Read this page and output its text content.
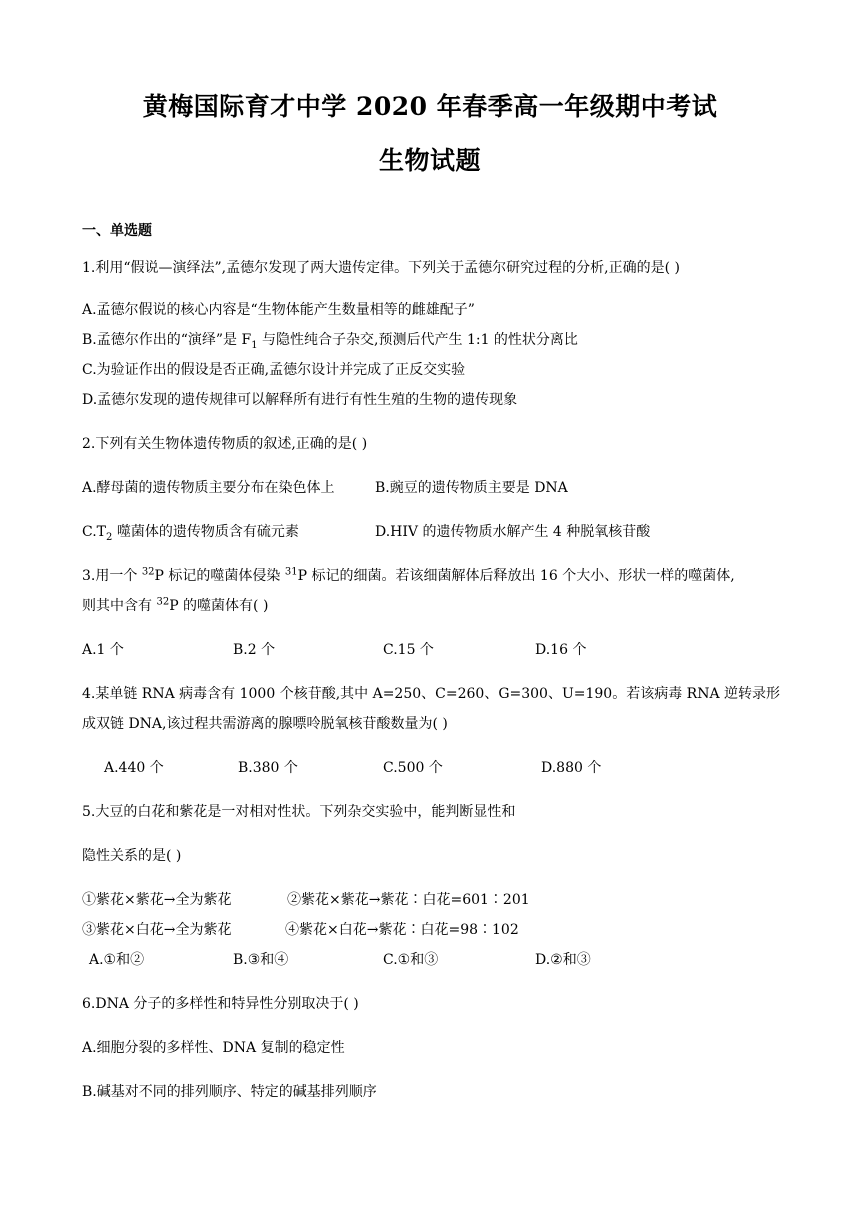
黄梅国际育才中学 2020 年春季高一年级期中考试
生物试题
一、单选题
1.利用“假说—演绎法”,孟德尔发现了两大遗传定律。下列关于孟德尔研究过程的分析,正确的是( )
A.孟德尔假说的核心内容是“生物体能产生数量相等的雌雄配子”
B.孟德尔作出的“演绎”是 $F_1$ 与隐性纯合子杂交,预测后代产生 1:1 的性状分离比
C.为验证作出的假设是否正确,孟德尔设计并完成了正反交实验
D.孟德尔发现的遗传规律可以解释所有进行有性生殖的生物的遗传现象
2.下列有关生物体遗传物质的叙述,正确的是( )
A.酵母菌的遗传物质主要分布在染色体上	B.豌豆的遗传物质主要是 DNA
$C.T_2$ 噬菌体的遗传物质含有硫元素	D.HIV 的遗传物质水解产生 4 种脱氧核苷酸
3.用一个 $^{32}$P 标记的噬菌体侵染 $^{31}$P 标记的细菌。若该细菌解体后释放出 16 个大小、形状一样的噬菌体,
则其中含有 $^{32}$P 的噬菌体有( )
A.1 个	B.2 个	C.15 个	D.16 个
4.某单链 RNA 病毒含有 1000 个核苷酸,其中 A=250、C=260、G=300、U=190。若该病毒 RNA 逆转录形
成双链 DNA,该过程共需游离的腺嘌呤脱氧核苷酸数量为( )
A.440 个	B.380 个	C.500 个	D.880 个
5.大豆的白花和紫花是一对相对性状。下列杂交实验中，能判断显性和
隐性关系的是( )
①紫花×紫花→全为紫花	②紫花×紫花→紫花∶白花=601∶201
③紫花×白花→全为紫花	④紫花×白花→紫花∶白花=98∶102
A.①和②	B.③和④	C.①和③	D.②和③
6.DNA 分子的多样性和特异性分别取决于( )
A.细胞分裂的多样性、DNA 复制的稳定性
B.碱基对不同的排列顺序、特定的碱基排列顺序
